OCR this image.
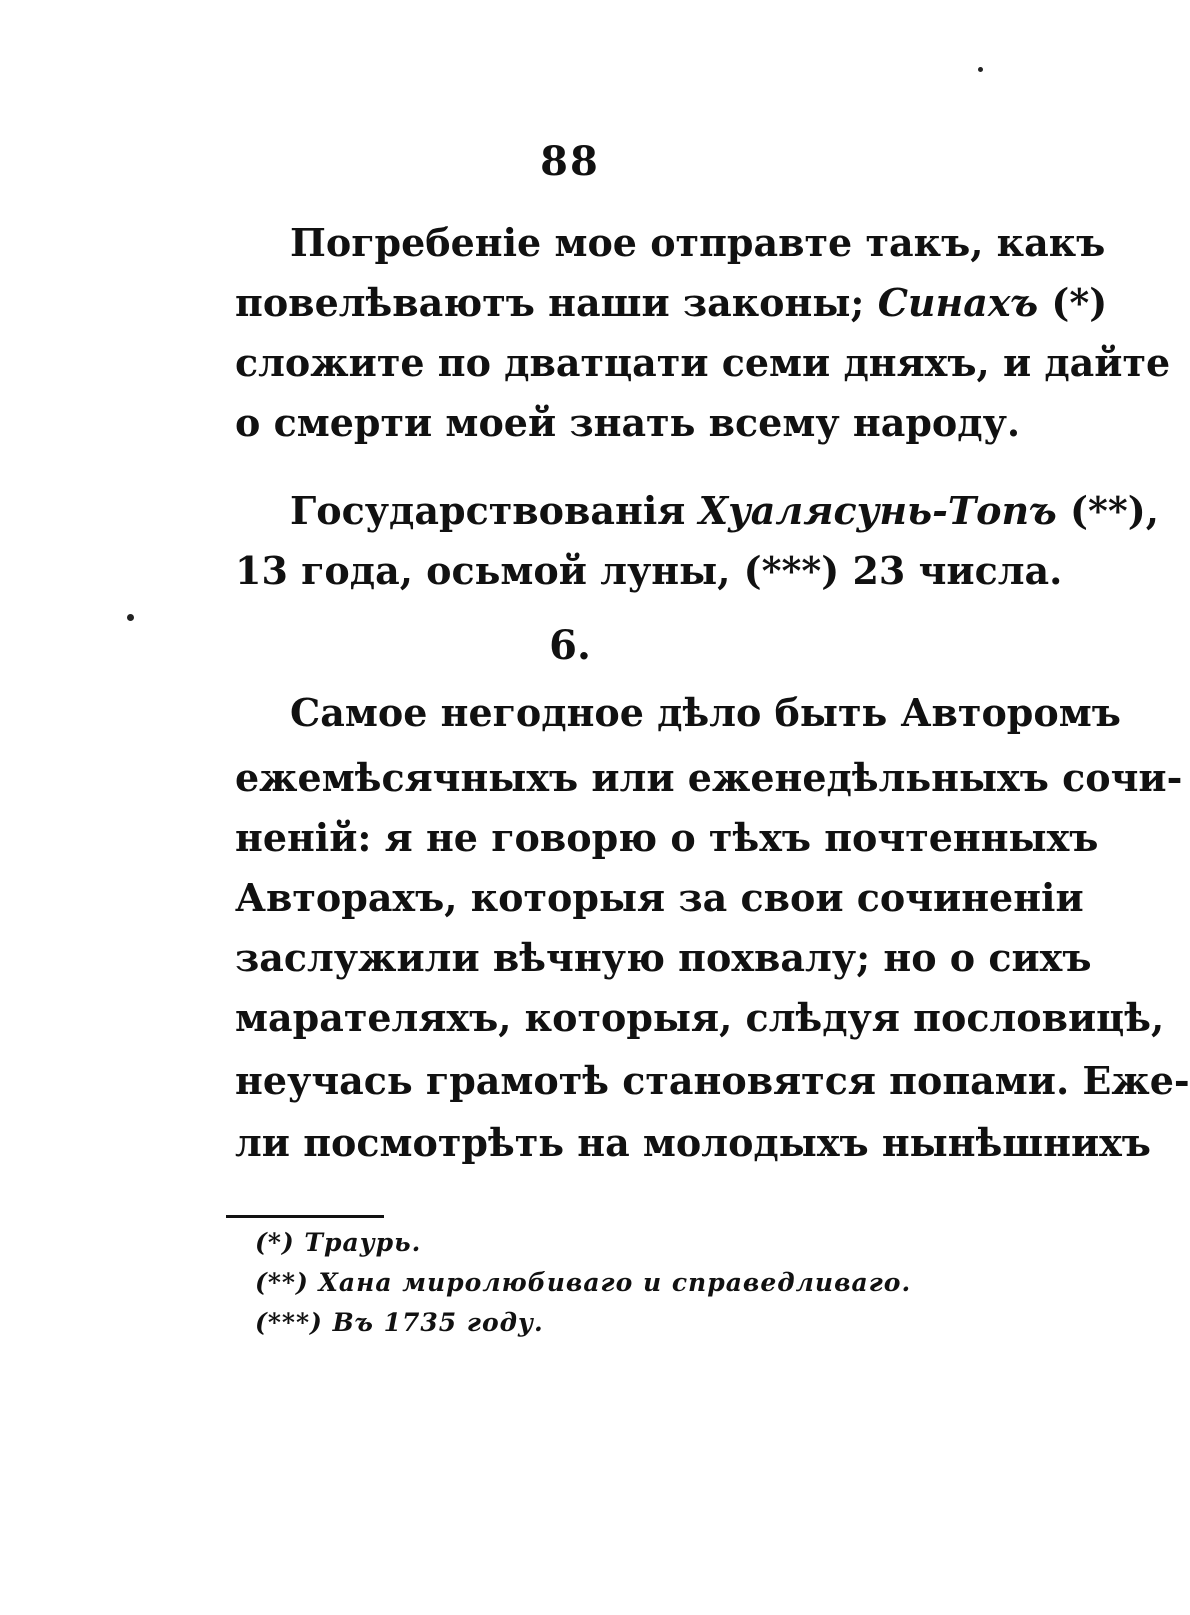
88
Погребеніе мое отправте такъ, какъ
повелѣваютъ наши законы; Синахъ (*)
сложите по дватцати семи дняхъ, и дайте
о смерти моей знать всему народу.
Государствованія Хуалясунь-Топъ (**),
13 года, осьмой луны, (***) 23 числа.
6.
Самое негодное дѣло быть Авторомъ
ежемѣсячныхъ или еженедѣльныхъ сочи-
неній: я не говорю о тѣхъ почтенныхъ
Авторахъ, которыя за свои сочиненіи
заслужили вѣчную похвалу; но о сихъ
марателяхъ, которыя, слѣдуя пословицѣ,
неучась грамотѣ становятся попами. Еже-
ли посмотрѣть на молодыхъ нынѣшнихъ
(*) Траурь.
(**) Хана миролюбиваго и справедливаго.
(***) Въ 1735 году.
